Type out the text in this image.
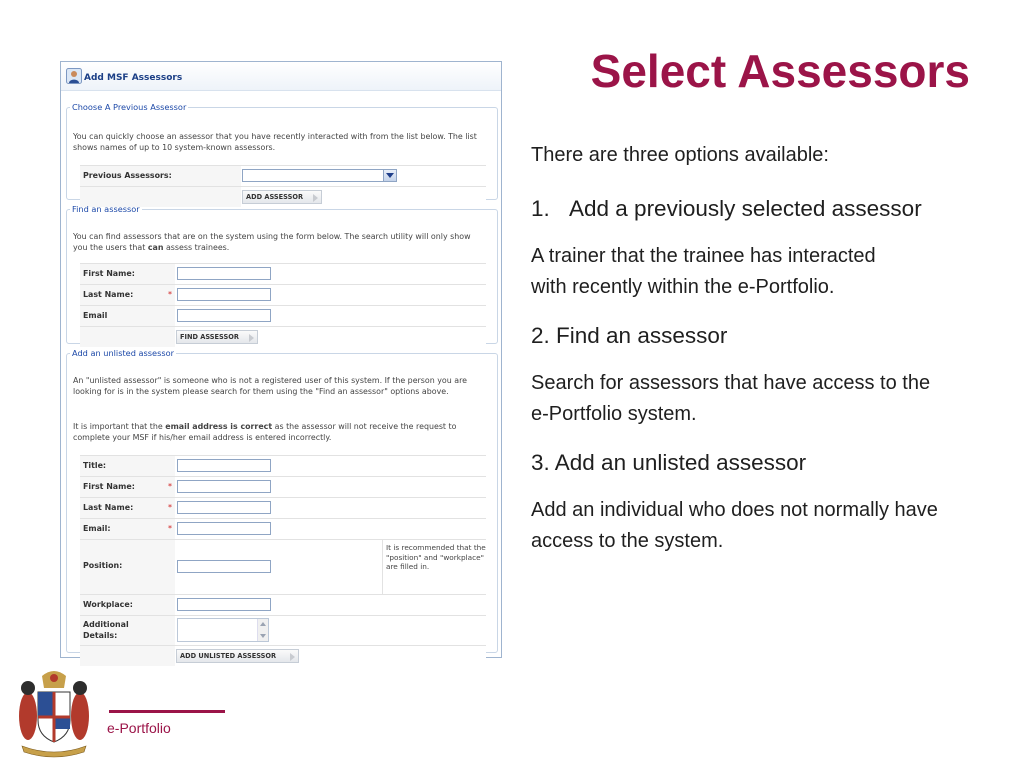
Select Assessors

There are three options available:

1. Add a previously selected assessor

A trainer that the trainee has interacted with recently within the e-Portfolio.

2. Find an assessor

Search for assessors that have access to the e-Portfolio system.

3. Add an unlisted assessor

Add an individual who does not normally have access to the system.

Add MSF Assessors
Choose A Previous Assessor
You can quickly choose an assessor that you have recently interacted with from the list below. The list shows names of up to 10 system-known assessors.
Previous Assessors:
ADD ASSESSOR
Find an assessor
You can find assessors that are on the system using the form below. The search utility will only show you the users that can assess trainees.
First Name:
Last Name:	*
Email
FIND ASSESSOR
Add an unlisted assessor
An "unlisted assessor" is someone who is not a registered user of this system. If the person you are looking for is in the system please search for them using the "Find an assessor" options above.
It is important that the email address is correct as the assessor will not receive the request to complete your MSF if his/her email address is entered incorrectly.
Title:
First Name:	*
Last Name:	*
Email:	*
Position:
It is recommended that the "position" and "workplace" are filled in.
Workplace:
Additional Details:
ADD UNLISTED ASSESSOR
e-Portfolio
